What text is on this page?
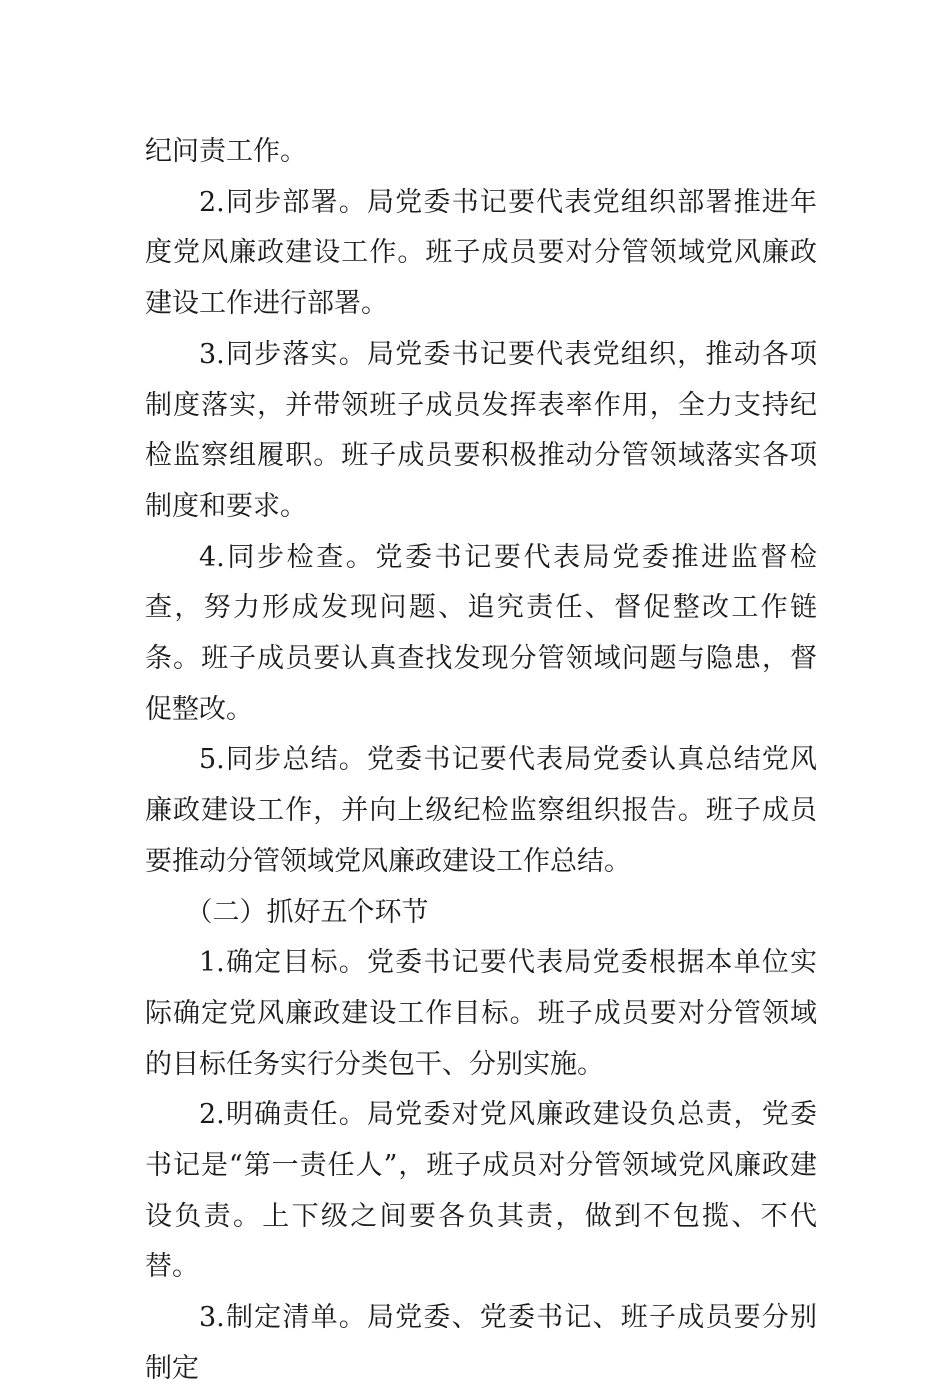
纪问责工作。

2.同步部署。局党委书记要代表党组织部署推进年度党风廉政建设工作。班子成员要对分管领域党风廉政建设工作进行部署。

3.同步落实。局党委书记要代表党组织，推动各项制度落实，并带领班子成员发挥表率作用，全力支持纪检监察组履职。班子成员要积极推动分管领域落实各项制度和要求。

4.同步检查。党委书记要代表局党委推进监督检查，努力形成发现问题、追究责任、督促整改工作链条。班子成员要认真查找发现分管领域问题与隐患，督促整改。

5.同步总结。党委书记要代表局党委认真总结党风廉政建设工作，并向上级纪检监察组织报告。班子成员要推动分管领域党风廉政建设工作总结。

（二）抓好五个环节

1.确定目标。党委书记要代表局党委根据本单位实际确定党风廉政建设工作目标。班子成员要对分管领域的目标任务实行分类包干、分别实施。

2.明确责任。局党委对党风廉政建设负总责，党委书记是“第一责任人”，班子成员对分管领域党风廉政建设负责。上下级之间要各负其责，做到不包揽、不代替。

3.制定清单。局党委、党委书记、班子成员要分别制定
